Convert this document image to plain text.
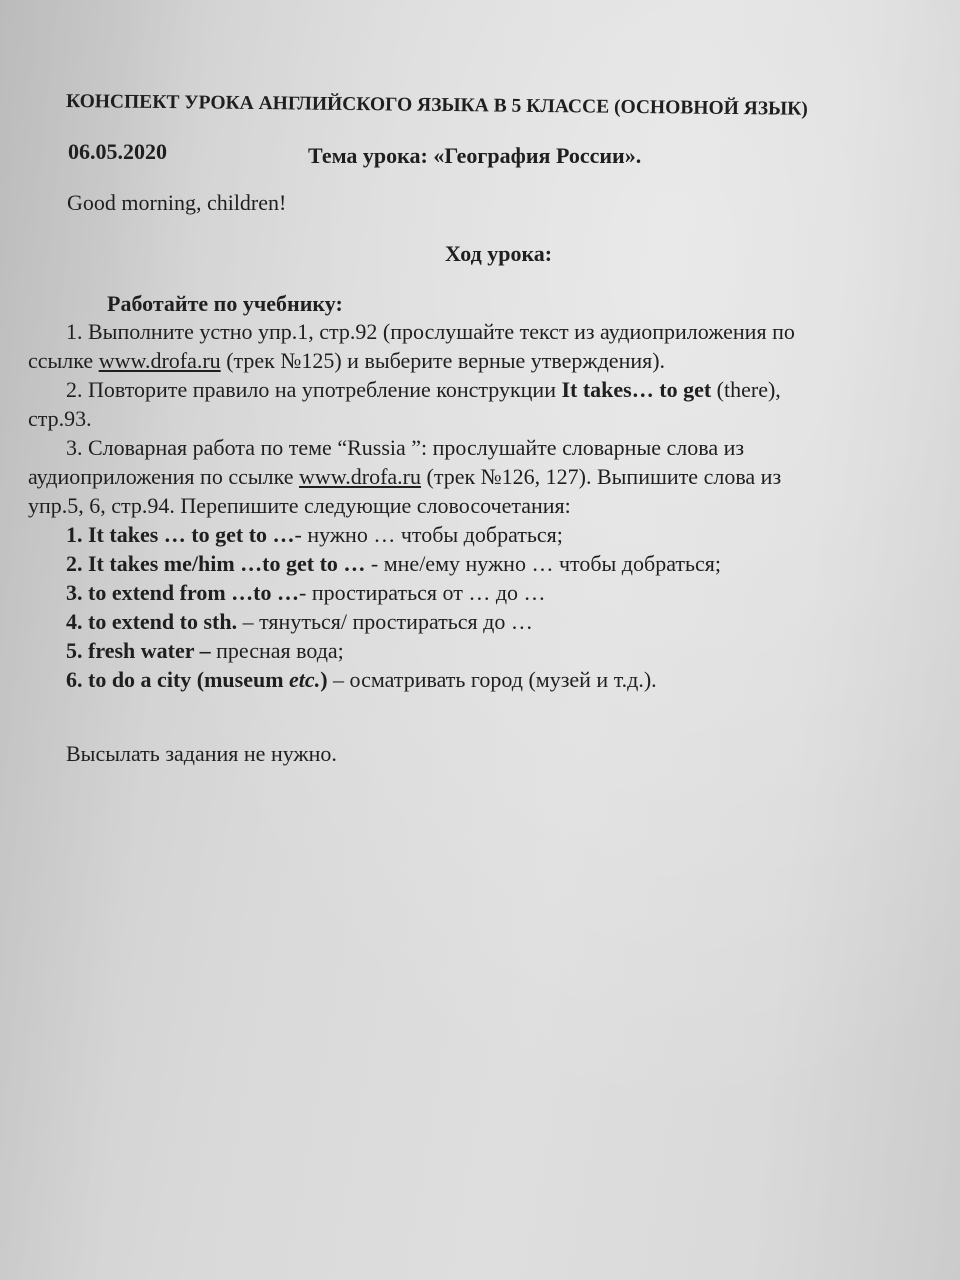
КОНСПЕКТ УРОКА АНГЛИЙСКОГО ЯЗЫКА В 5 КЛАССЕ (ОСНОВНОЙ ЯЗЫК)
06.05.2020	Тема урока: «География России».
Good morning, children!
Ход урока:
Работайте по учебнику:
1. Выполните устно упр.1, стр.92 (прослушайте текст из аудиоприложения по
ссылке www.drofa.ru (трек №125) и выберите верные утверждения).
2. Повторите правило на употребление конструкции It takes… to get (there),
стр.93.
3. Словарная работа по теме “Russia ”: прослушайте словарные слова из
аудиоприложения по ссылке www.drofa.ru (трек №126, 127). Выпишите слова из
упр.5, 6, стр.94. Перепишите следующие словосочетания:
1. It takes … to get to …- нужно … чтобы добраться;
2. It takes me/him …to get to … - мне/ему нужно … чтобы добраться;
3. to extend from …to …- простираться от … до …
4. to extend to sth. – тянуться/ простираться до …
5. fresh water – пресная вода;
6. to do a city (museum etc.) – осматривать город (музей и т.д.).
Высылать задания не нужно.
